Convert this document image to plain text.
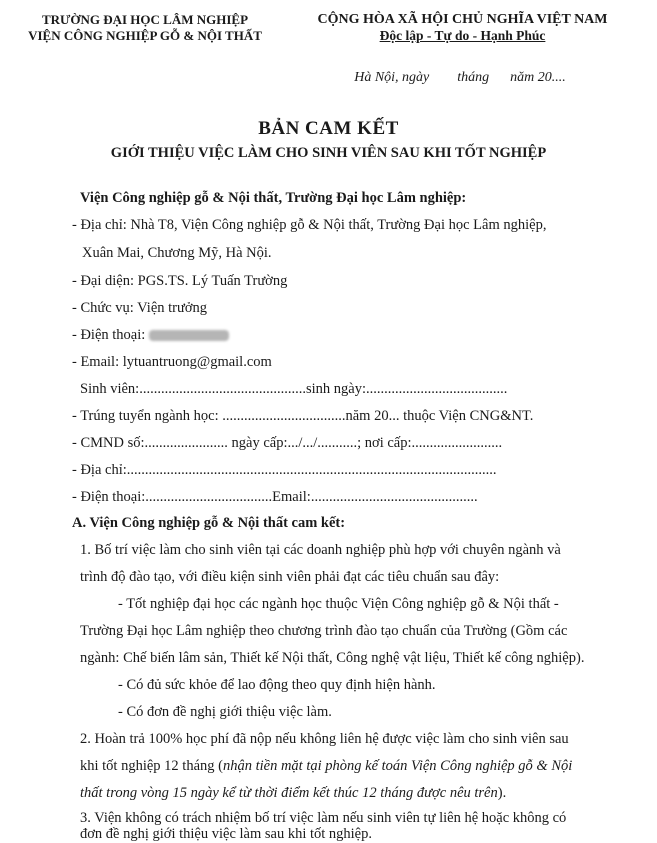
TRƯỜNG ĐẠI HỌC LÂM NGHIỆP
VIỆN CÔNG NGHIỆP GỖ & NỘI THẤT
CỘNG HÒA XÃ HỘI CHỦ NGHĨA VIỆT NAM
Độc lập - Tự do - Hạnh Phúc
Hà Nội, ngày        tháng      năm 20....
BẢN CAM KẾT
GIỚI THIỆU VIỆC LÀM CHO SINH VIÊN SAU KHI TỐT NGHIỆP
Viện Công nghiệp gỗ & Nội thất, Trường Đại học Lâm nghiệp:
- Địa chỉ: Nhà T8, Viện Công nghiệp gỗ & Nội thất, Trường Đại học Lâm nghiệp,
Xuân Mai, Chương Mỹ, Hà Nội.
- Đại diện: PGS.TS. Lý Tuấn Trường
- Chức vụ: Viện trưởng
- Điện thoại:
- Email: lytuantruong@gmail.com
Sinh viên:..............................................sinh ngày:.......................................
- Trúng tuyển ngành học: ..................................năm 20... thuộc Viện CNG&NT.
- CMND số:....................... ngày cấp:.../.../...........; nơi cấp:.........................
- Địa chỉ:......................................................................................................
- Điện thoại:...................................Email:..............................................
A. Viện Công nghiệp gỗ & Nội thất cam kết:
1. Bố trí việc làm cho sinh viên tại các doanh nghiệp phù hợp với chuyên ngành và
trình độ đào tạo, với điều kiện sinh viên phải đạt các tiêu chuẩn sau đây:
- Tốt nghiệp đại học các ngành học thuộc Viện Công nghiệp gỗ & Nội thất -
Trường Đại học Lâm nghiệp theo chương trình đào tạo chuẩn của Trường (Gồm các
ngành: Chế biến lâm sản, Thiết kế Nội thất, Công nghệ vật liệu, Thiết kế công nghiệp).
- Có đủ sức khỏe để lao động theo quy định hiện hành.
- Có đơn đề nghị giới thiệu việc làm.
2. Hoàn trả 100% học phí đã nộp nếu không liên hệ được việc làm cho sinh viên sau
khi tốt nghiệp 12 tháng (nhận tiền mặt tại phòng kế toán Viện Công nghiệp gỗ & Nội
thất trong vòng 15 ngày kể từ thời điểm kết thúc 12 tháng được nêu trên).
3. Viện không có trách nhiệm bố trí việc làm nếu sinh viên tự liên hệ hoặc không có
đơn đề nghị giới thiệu việc làm sau khi tốt nghiệp.
